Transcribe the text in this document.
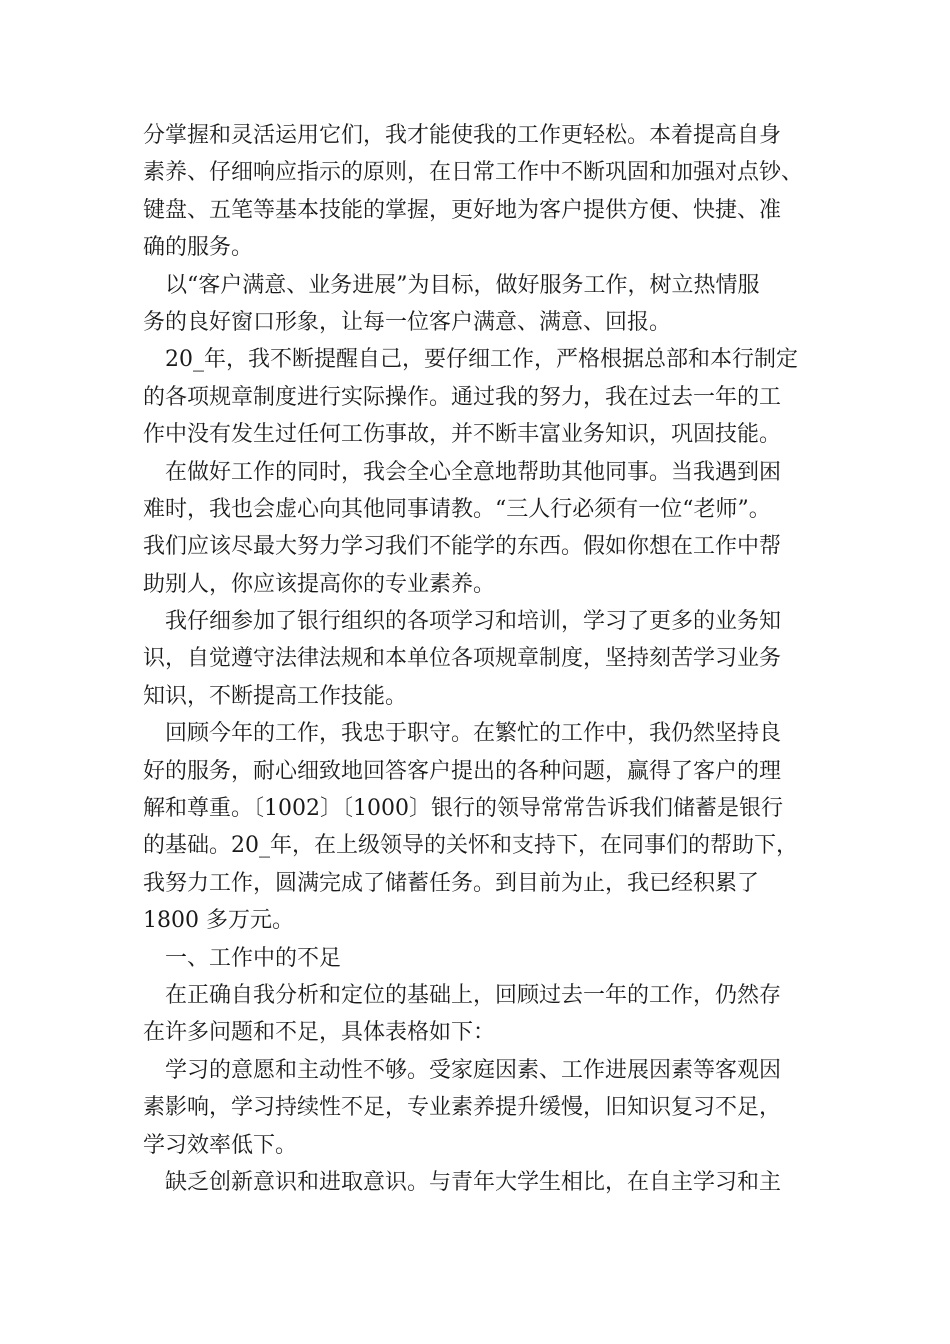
分掌握和灵活运用它们，我才能使我的工作更轻松。本着提高自身
素养、仔细响应指示的原则，在日常工作中不断巩固和加强对点钞、
键盘、五笔等基本技能的掌握，更好地为客户提供方便、快捷、准
确的服务。
以“客户满意、业务进展”为目标，做好服务工作，树立热情服
务的良好窗口形象，让每一位客户满意、满意、回报。
20_年，我不断提醒自己，要仔细工作，严格根据总部和本行制定
的各项规章制度进行实际操作。通过我的努力，我在过去一年的工
作中没有发生过任何工伤事故，并不断丰富业务知识，巩固技能。
在做好工作的同时，我会全心全意地帮助其他同事。当我遇到困
难时，我也会虚心向其他同事请教。“三人行必须有一位“老师”。
我们应该尽最大努力学习我们不能学的东西。假如你想在工作中帮
助别人，你应该提高你的专业素养。
我仔细参加了银行组织的各项学习和培训，学习了更多的业务知
识，自觉遵守法律法规和本单位各项规章制度，坚持刻苦学习业务
知识，不断提高工作技能。
回顾今年的工作，我忠于职守。在繁忙的工作中，我仍然坚持良
好的服务，耐心细致地回答客户提出的各种问题，赢得了客户的理
解和尊重。〔1002〕〔1000〕银行的领导常常告诉我们储蓄是银行
的基础。20_年，在上级领导的关怀和支持下，在同事们的帮助下，
我努力工作，圆满完成了储蓄任务。到目前为止，我已经积累了
1800 多万元。
一、工作中的不足
在正确自我分析和定位的基础上，回顾过去一年的工作，仍然存
在许多问题和不足，具体表格如下：
学习的意愿和主动性不够。受家庭因素、工作进展因素等客观因
素影响，学习持续性不足，专业素养提升缓慢，旧知识复习不足，
学习效率低下。
缺乏创新意识和进取意识。与青年大学生相比，在自主学习和主
